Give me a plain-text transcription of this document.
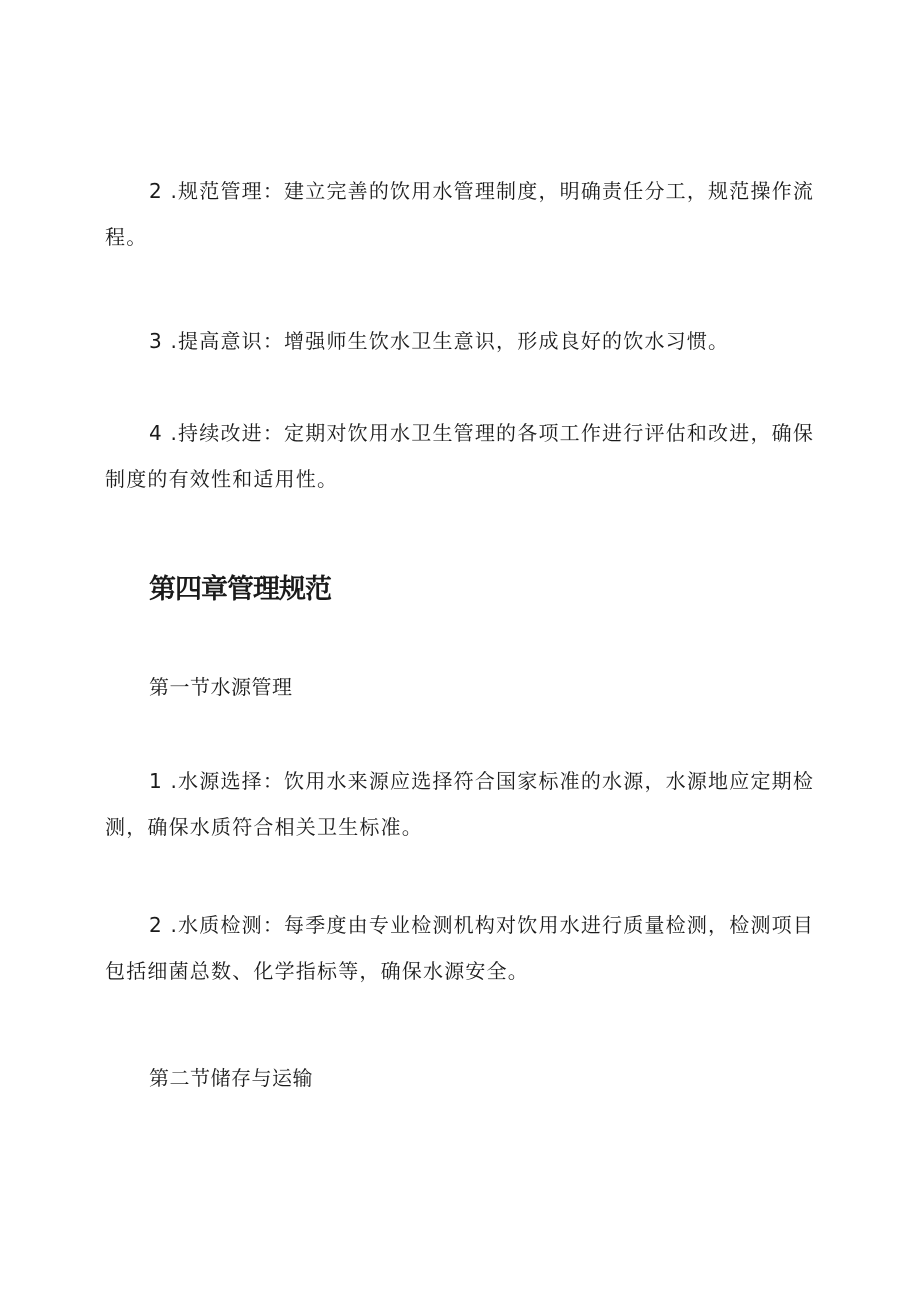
2 .规范管理：建立完善的饮用水管理制度，明确责任分工，规范操作流程。

3 .提高意识：增强师生饮水卫生意识，形成良好的饮水习惯。

4 .持续改进：定期对饮用水卫生管理的各项工作进行评估和改进，确保制度的有效性和适用性。

第四章管理规范
第一节水源管理

1 .水源选择：饮用水来源应选择符合国家标准的水源，水源地应定期检测，确保水质符合相关卫生标准。

2 .水质检测：每季度由专业检测机构对饮用水进行质量检测，检测项目包括细菌总数、化学指标等，确保水源安全。

第二节储存与运输
